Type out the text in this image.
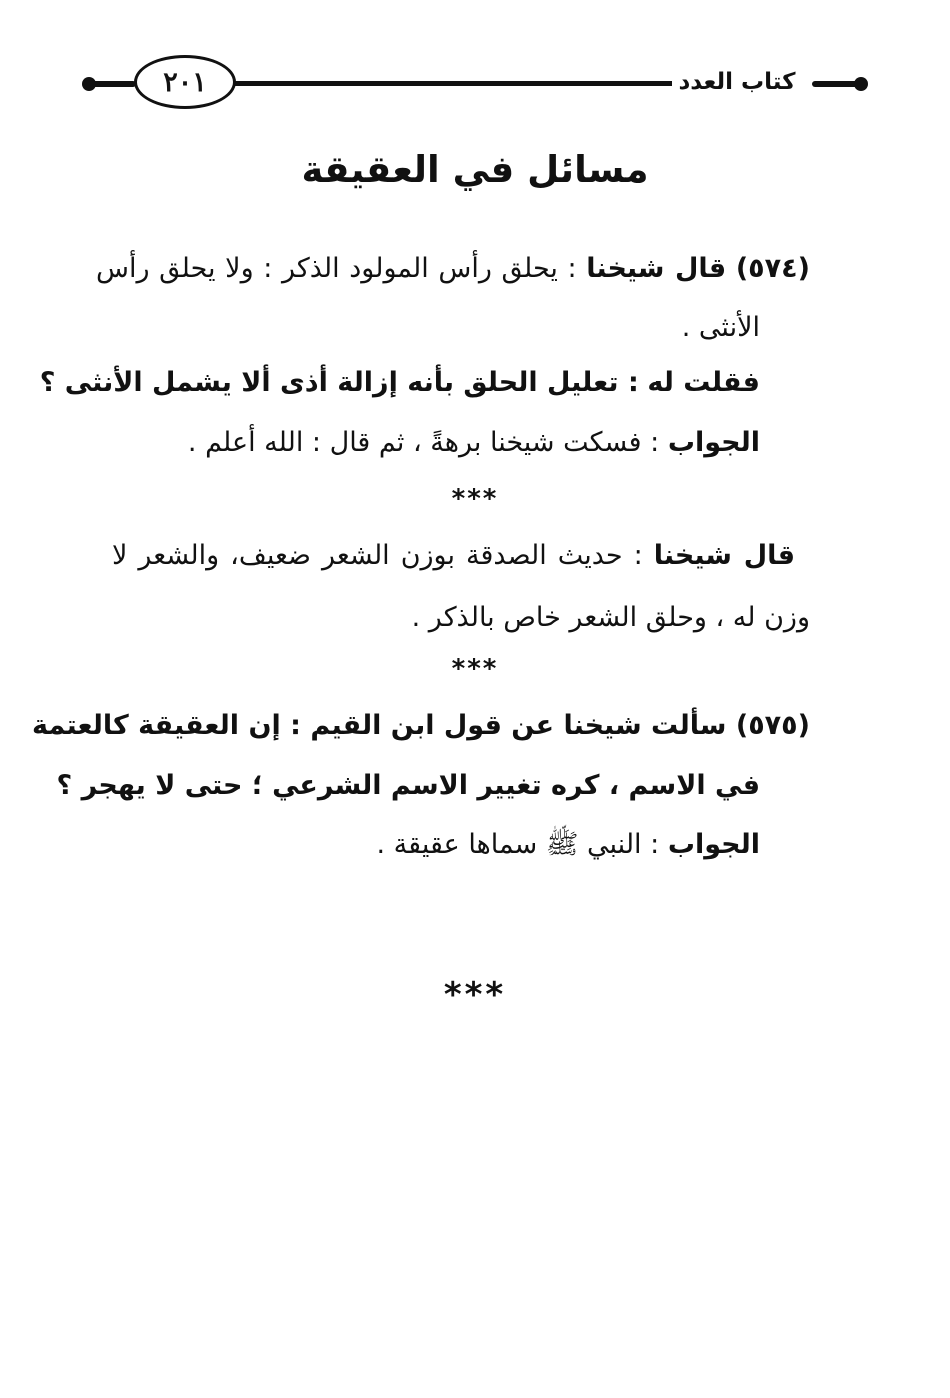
٢٠١	كتاب العدد
مسائل في العقيقة
(٥٧٤) قال شيخنا : يحلق رأس المولود الذكر : ولا يحلق رأس
الأنثى .
فقلت له : تعليل الحلق بأنه إزالة أذى ألا يشمل الأنثى ؟
الجواب : فسكت شيخنا برهةً ، ثم قال : الله أعلم .
***
قال شيخنا : حديث الصدقة بوزن الشعر ضعيف، والشعر لا
وزن له ، وحلق الشعر خاص بالذكر .
***
(٥٧٥) سألت شيخنا عن قول ابن القيم : إن العقيقة كالعتمة
في الاسم ، كره تغيير الاسم الشرعي ؛ حتى لا يهجر ؟
الجواب : النبي ﷺ سماها عقيقة .
***
